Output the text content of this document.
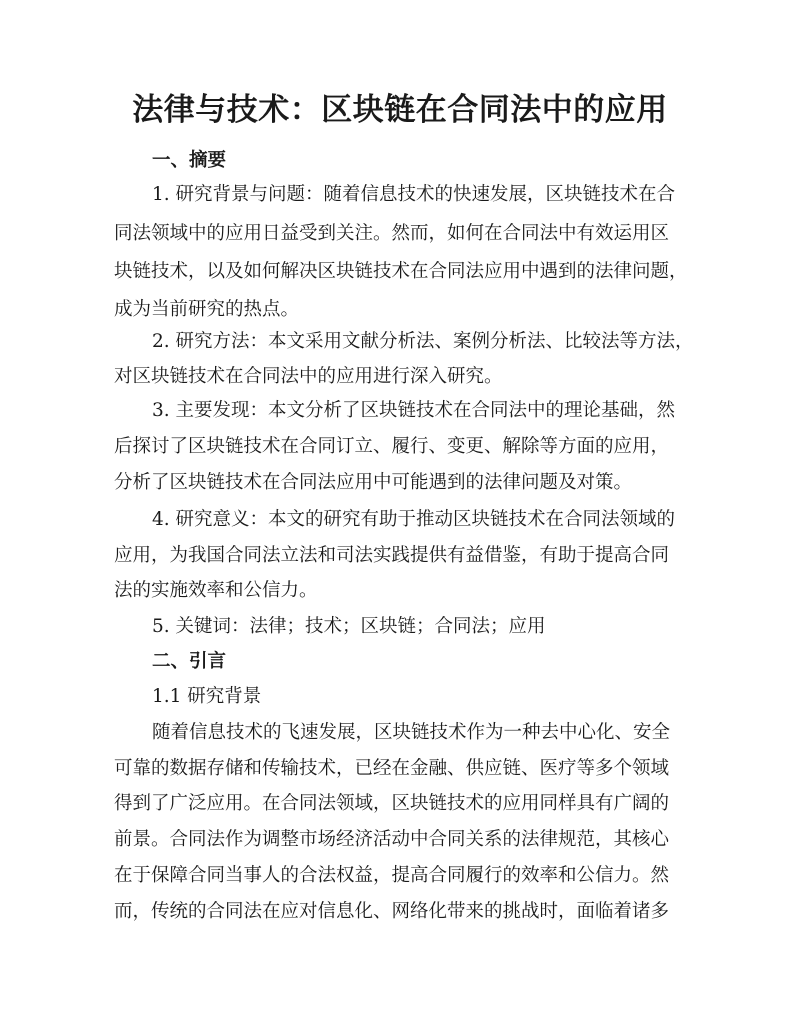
法律与技术：区块链在合同法中的应用
一、摘要
1. 研究背景与问题：随着信息技术的快速发展，区块链技术在合
同法领域中的应用日益受到关注。然而，如何在合同法中有效运用区
块链技术，以及如何解决区块链技术在合同法应用中遇到的法律问题，
成为当前研究的热点。
2. 研究方法：本文采用文献分析法、案例分析法、比较法等方法，
对区块链技术在合同法中的应用进行深入研究。
3. 主要发现：本文分析了区块链技术在合同法中的理论基础，然
后探讨了区块链技术在合同订立、履行、变更、解除等方面的应用，
分析了区块链技术在合同法应用中可能遇到的法律问题及对策。
4. 研究意义：本文的研究有助于推动区块链技术在合同法领域的
应用，为我国合同法立法和司法实践提供有益借鉴，有助于提高合同
法的实施效率和公信力。
5. 关键词：法律；技术；区块链；合同法；应用
二、引言
1.1 研究背景
随着信息技术的飞速发展，区块链技术作为一种去中心化、安全
可靠的数据存储和传输技术，已经在金融、供应链、医疗等多个领域
得到了广泛应用。在合同法领域，区块链技术的应用同样具有广阔的
前景。合同法作为调整市场经济活动中合同关系的法律规范，其核心
在于保障合同当事人的合法权益，提高合同履行的效率和公信力。然
而，传统的合同法在应对信息化、网络化带来的挑战时，面临着诸多
